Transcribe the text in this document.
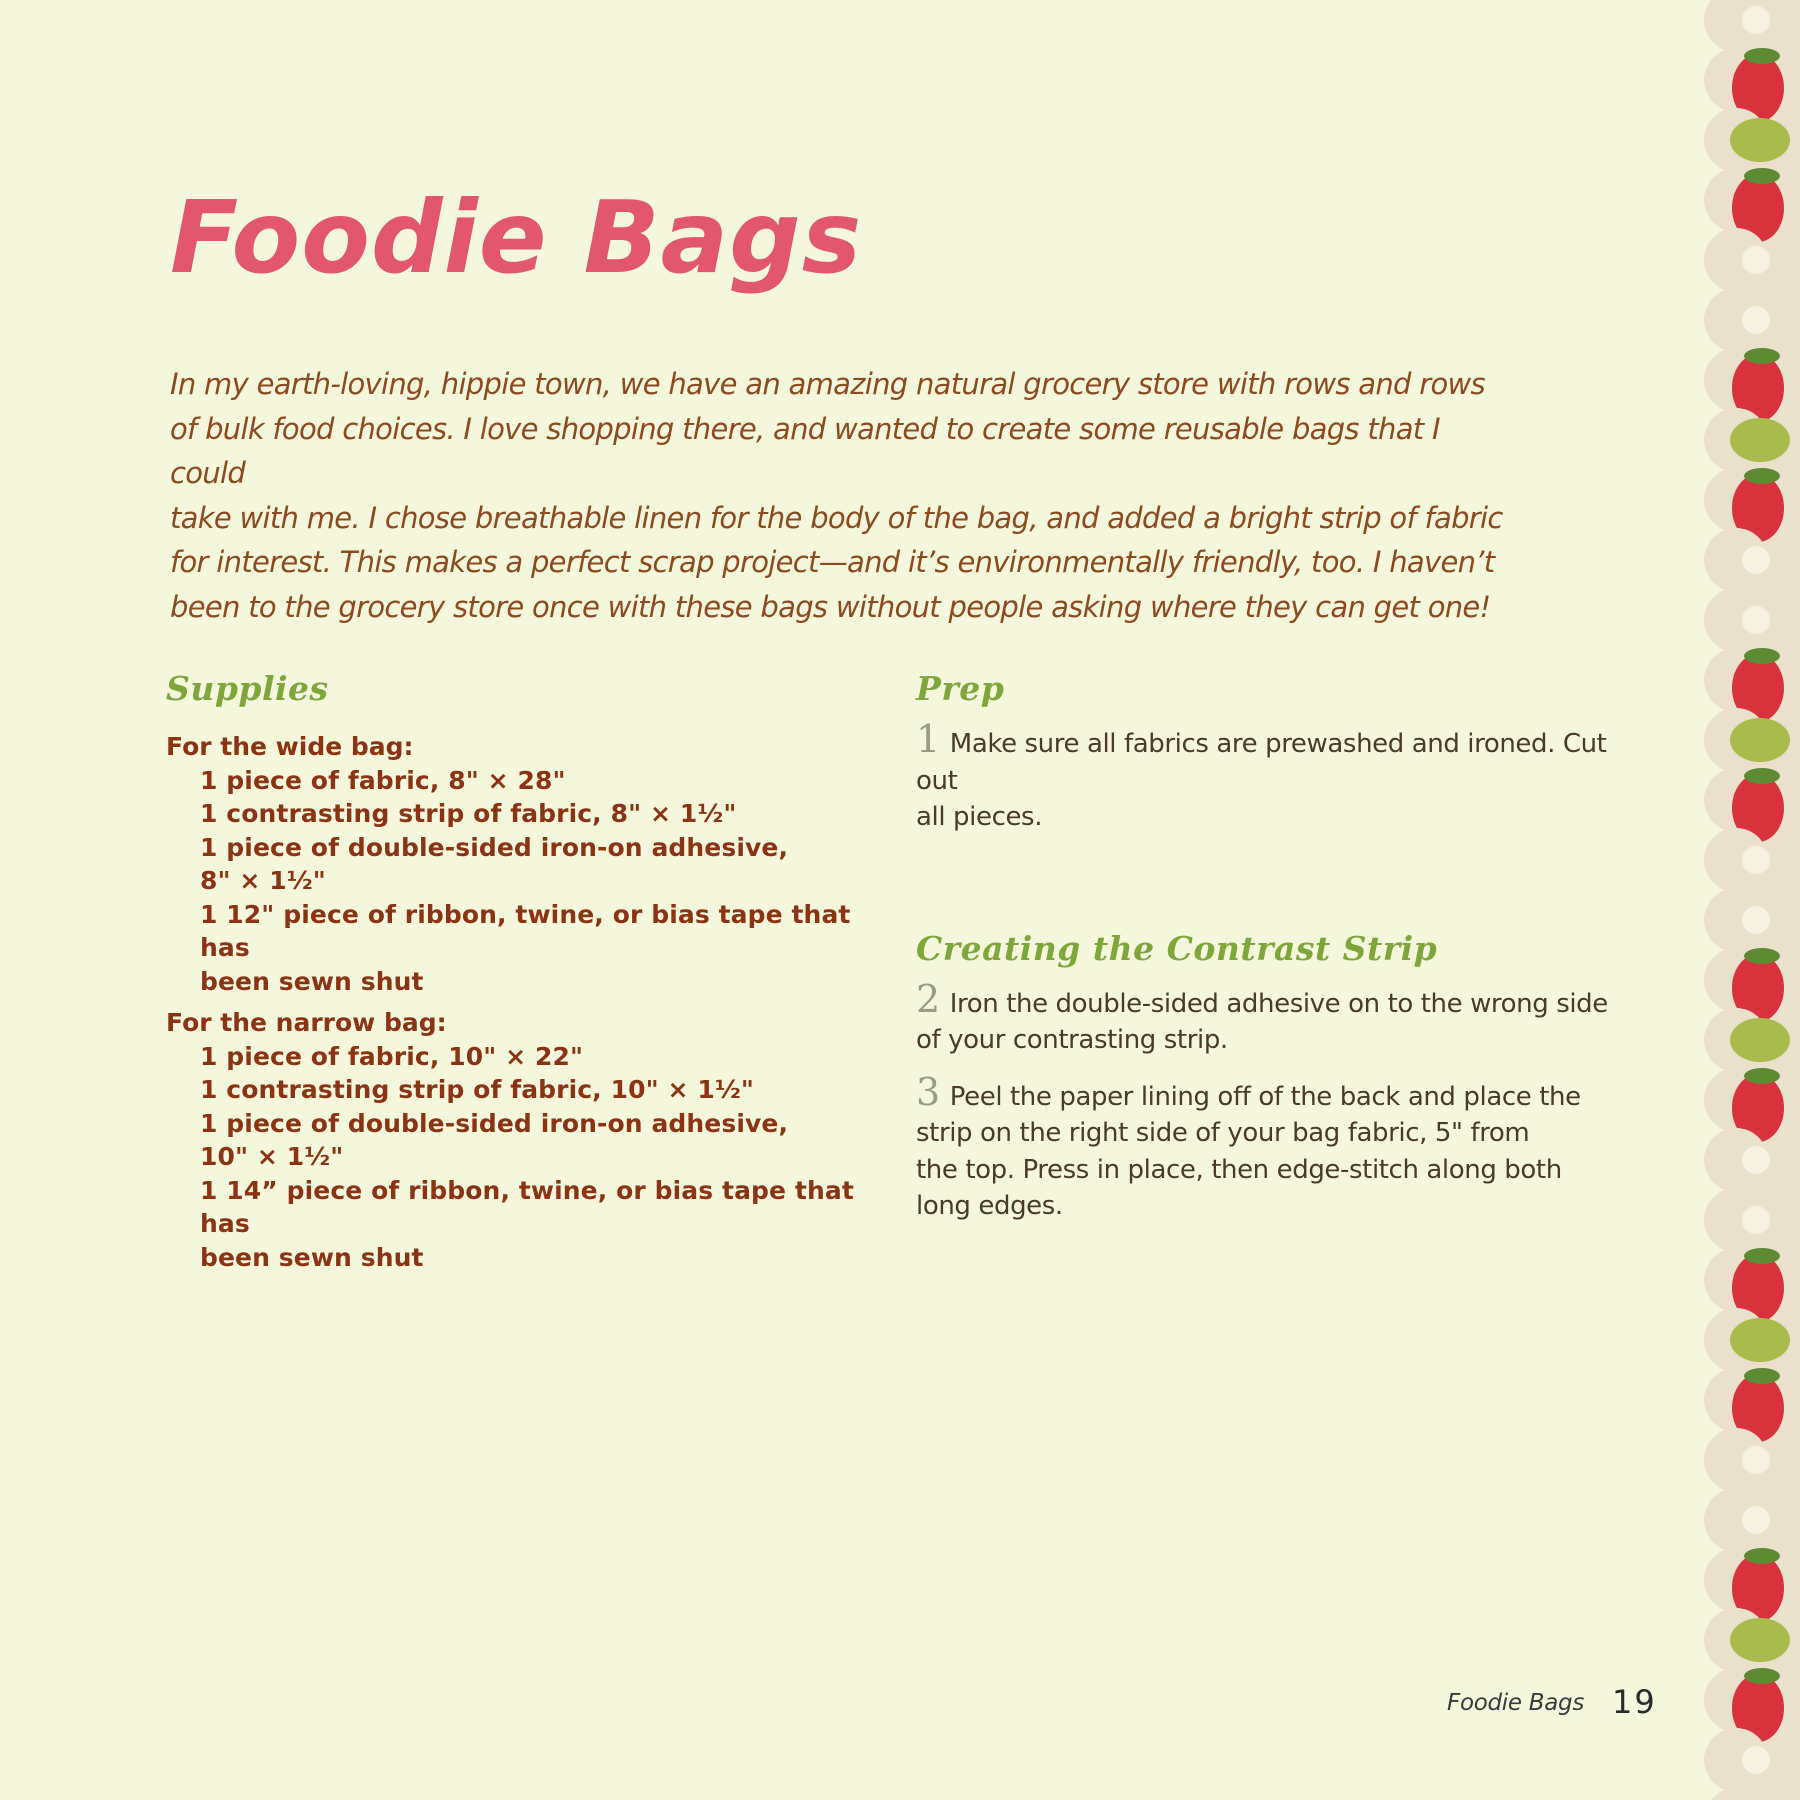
Foodie Bags
In my earth-loving, hippie town, we have an amazing natural grocery store with rows and rows
of bulk food choices. I love shopping there, and wanted to create some reusable bags that I could
take with me. I chose breathable linen for the body of the bag, and added a bright strip of fabric
for interest. This makes a perfect scrap project—and it’s environmentally friendly, too. I haven’t
been to the grocery store once with these bags without people asking where they can get one!
Supplies

For the wide bag:

1 piece of fabric, 8" × 28"

1 contrasting strip of fabric, 8" × 1½"

1 piece of double-sided iron-on adhesive,

8" × 1½"

1 12" piece of ribbon, twine, or bias tape that has

been sewn shut

For the narrow bag:

1 piece of fabric, 10" × 22"

1 contrasting strip of fabric, 10" × 1½"

1 piece of double-sided iron-on adhesive,

10" × 1½"

1 14” piece of ribbon, twine, or bias tape that has

been sewn shut

Prep
1 Make sure all fabrics are prewashed and ironed. Cut out
all pieces.
Creating the Contrast Strip
2 Iron the double-sided adhesive on to the wrong side
of your contrasting strip.
3 Peel the paper lining off of the back and place the
strip on the right side of your bag fabric, 5" from
the top. Press in place, then edge-stitch along both
long edges.
Foodie Bags 19
